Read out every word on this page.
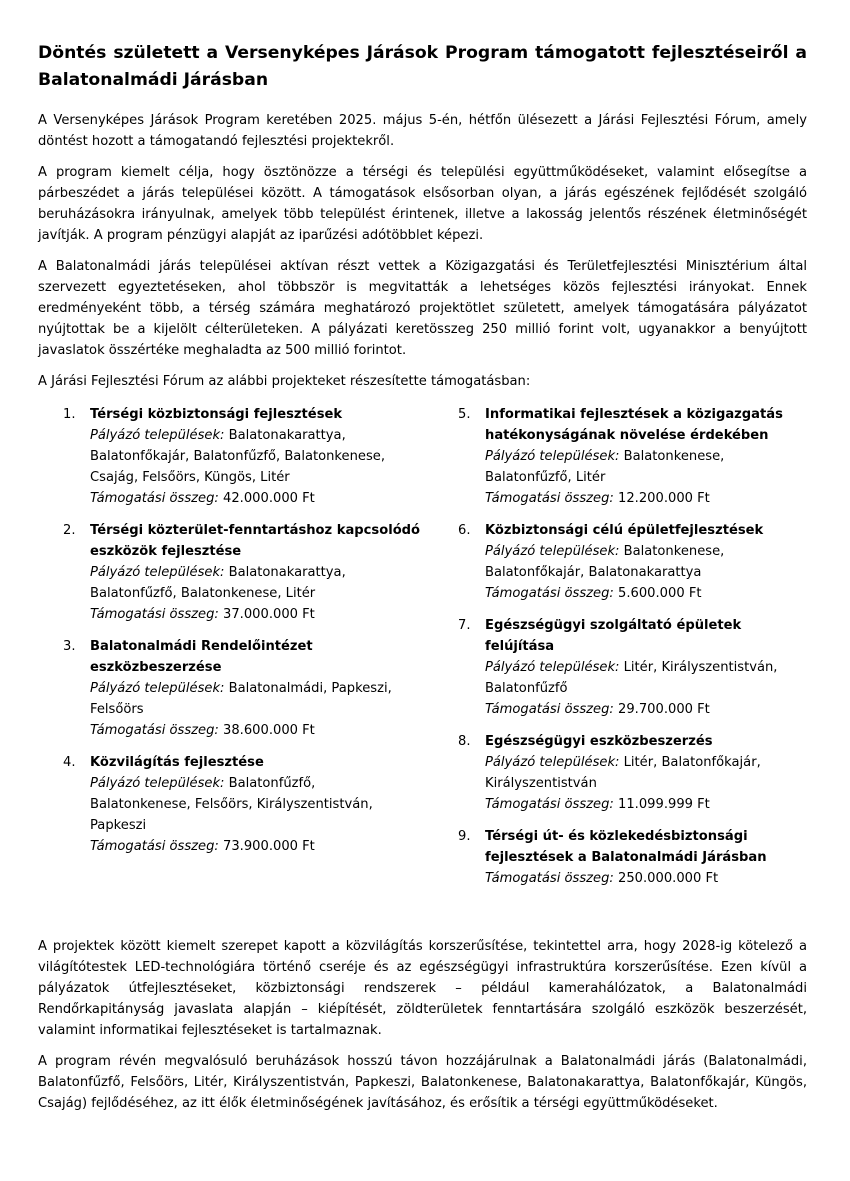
Döntés született a Versenyképes Járások Program támogatott fejlesztéseiről a Balatonalmádi Járásban

A Versenyképes Járások Program keretében 2025. május 5-én, hétfőn ülésezett a Járási Fejlesztési Fórum, amely döntést hozott a támogatandó fejlesztési projektekről.

A program kiemelt célja, hogy ösztönözze a térségi és települési együttműködéseket, valamint elősegítse a párbeszédet a járás települései között. A támogatások elsősorban olyan, a járás egészének fejlődését szolgáló beruházásokra irányulnak, amelyek több települést érintenek, illetve a lakosság jelentős részének életminőségét javítják. A program pénzügyi alapját az iparűzési adótöbblet képezi.

A Balatonalmádi járás települései aktívan részt vettek a Közigazgatási és Területfejlesztési Minisztérium által szervezett egyeztetéseken, ahol többször is megvitatták a lehetséges közös fejlesztési irányokat. Ennek eredményeként több, a térség számára meghatározó projektötlet született, amelyek támogatására pályázatot nyújtottak be a kijelölt célterületeken. A pályázati keretösszeg 250 millió forint volt, ugyanakkor a benyújtott javaslatok összértéke meghaladta az 500 millió forintot.

A Járási Fejlesztési Fórum az alábbi projekteket részesítette támogatásban:

1. Térségi közbiztonsági fejlesztések
Pályázó települések: Balatonakarattya,
Balatonfőkajár, Balatonfűzfő, Balatonkenese,
Csajág, Felsőörs, Küngös, Litér
Támogatási összeg: 42.000.000 Ft
2. Térségi közterület-fenntartáshoz kapcsolódó
eszközök fejlesztése
Pályázó települések: Balatonakarattya,
Balatonfűzfő, Balatonkenese, Litér
Támogatási összeg: 37.000.000 Ft
3. Balatonalmádi Rendelőintézet
eszközbeszerzése
Pályázó települések: Balatonalmádi, Papkeszi,
Felsőörs
Támogatási összeg: 38.600.000 Ft
4. Közvilágítás fejlesztése
Pályázó települések: Balatonfűzfő,
Balatonkenese, Felsőörs, Királyszentistván,
Papkeszi
Támogatási összeg: 73.900.000 Ft
5. Informatikai fejlesztések a közigazgatás
hatékonyságának növelése érdekében
Pályázó települések: Balatonkenese,
Balatonfűzfő, Litér
Támogatási összeg: 12.200.000 Ft
6. Közbiztonsági célú épületfejlesztések
Pályázó települések: Balatonkenese,
Balatonfőkajár, Balatonakarattya
Támogatási összeg: 5.600.000 Ft
7. Egészségügyi szolgáltató épületek felújítása
Pályázó települések: Litér, Királyszentistván,
Balatonfűzfő
Támogatási összeg: 29.700.000 Ft
8. Egészségügyi eszközbeszerzés
Pályázó települések: Litér, Balatonfőkajár,
Királyszentistván
Támogatási összeg: 11.099.999 Ft
9. Térségi út- és közlekedésbiztonsági
fejlesztések a Balatonalmádi Járásban
Támogatási összeg: 250.000.000 Ft

A projektek között kiemelt szerepet kapott a közvilágítás korszerűsítése, tekintettel arra, hogy 2028-ig kötelező a világítótestek LED-technológiára történő cseréje és az egészségügyi infrastruktúra korszerűsítése. Ezen kívül a pályázatok útfejlesztéseket, közbiztonsági rendszerek – például kamerahálózatok, a Balatonalmádi Rendőrkapitányság javaslata alapján – kiépítését, zöldterületek fenntartására szolgáló eszközök beszerzését, valamint informatikai fejlesztéseket is tartalmaznak.

A program révén megvalósuló beruházások hosszú távon hozzájárulnak a Balatonalmádi járás (Balatonalmádi, Balatonfűzfő, Felsőörs, Litér, Királyszentistván, Papkeszi, Balatonkenese, Balatonakarattya, Balatonfőkajár, Küngös, Csajág) fejlődéséhez, az itt élők életminőségének javításához, és erősítik a térségi együttműködéseket.
